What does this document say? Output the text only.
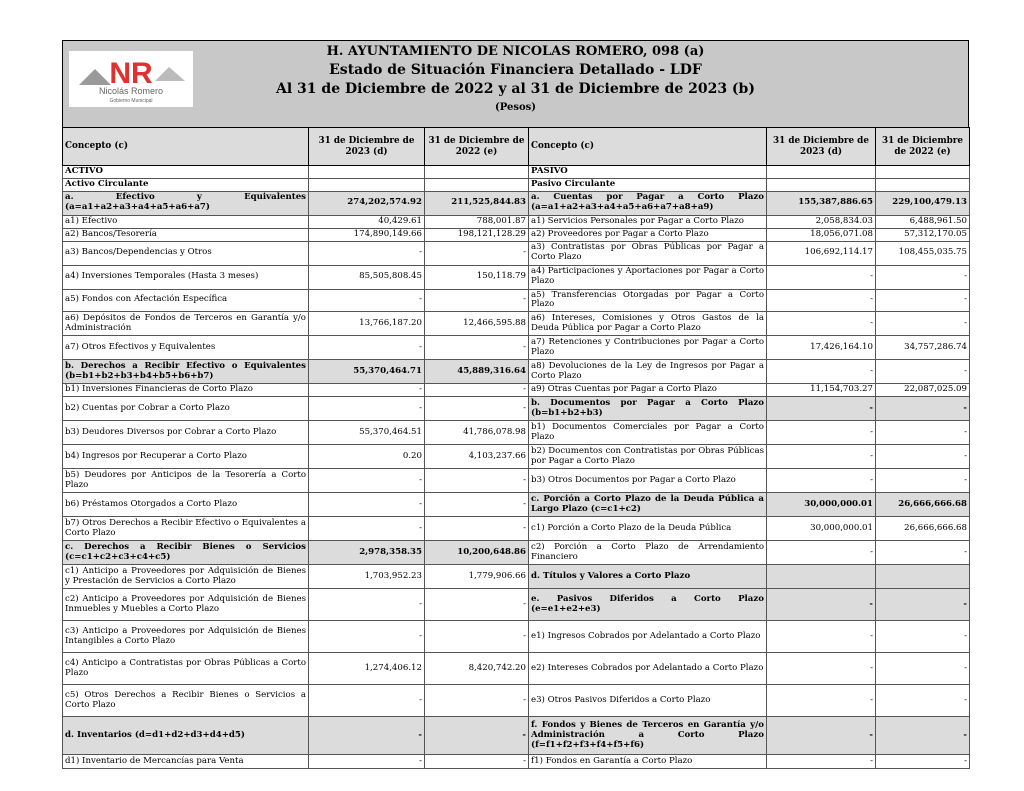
NR
Nicolás Romero
Gobierno Municipal
H. AYUNTAMIENTO DE NICOLAS ROMERO, 098 (a)
Estado de Situación Financiera Detallado - LDF
Al 31 de Diciembre de 2022 y al 31 de Diciembre de 2023 (b)
(Pesos)
Concepto (c)	31 de Diciembre de 2023 (d)	31 de Diciembre de 2022 (e)	Concepto (c)	31 de Diciembre de 2023 (d)	31 de Diciembre de 2022 (e)
ACTIVO			PASIVO		
Activo Circulante			Pasivo Circulante		
a. Efectivo y Equivalentes (a=a1+a2+a3+a4+a5+a6+a7)	274,202,574.92	211,525,844.83	a. Cuentas por Pagar a Corto Plazo (a=a1+a2+a3+a4+a5+a6+a7+a8+a9)	155,387,886.65	229,100,479.13
a1) Efectivo	40,429.61	788,001.87	a1) Servicios Personales por Pagar a Corto Plazo	2,058,834.03	6,488,961.50
a2) Bancos/Tesorería	174,890,149.66	198,121,128.29	a2) Proveedores por Pagar a Corto Plazo	18,056,071.08	57,312,170.05
a3) Bancos/Dependencias y Otros	-	-	a3) Contratistas por Obras Públicas por Pagar a Corto Plazo	106,692,114.17	108,455,035.75
a4) Inversiones Temporales (Hasta 3 meses)	85,505,808.45	150,118.79	a4) Participaciones y Aportaciones por Pagar a Corto Plazo	-	-
a5) Fondos con Afectación Específica	-	-	a5) Transferencias Otorgadas por Pagar a Corto Plazo	-	-
a6) Depósitos de Fondos de Terceros en Garantía y/o Administración	13,766,187.20	12,466,595.88	a6) Intereses, Comisiones y Otros Gastos de la Deuda Pública por Pagar a Corto Plazo	-	-
a7) Otros Efectivos y Equivalentes	-	-	a7) Retenciones y Contribuciones por Pagar a Corto Plazo	17,426,164.10	34,757,286.74
b. Derechos a Recibir Efectivo o Equivalentes (b=b1+b2+b3+b4+b5+b6+b7)	55,370,464.71	45,889,316.64	a8) Devoluciones de la Ley de Ingresos por Pagar a Corto Plazo	-	-
b1) Inversiones Financieras de Corto Plazo	-	-	a9) Otras Cuentas por Pagar a Corto Plazo	11,154,703.27	22,087,025.09
b2) Cuentas por Cobrar a Corto Plazo	-	-	b. Documentos por Pagar a Corto Plazo (b=b1+b2+b3)	-	-
b3) Deudores Diversos por Cobrar a Corto Plazo	55,370,464.51	41,786,078.98	b1) Documentos Comerciales por Pagar a Corto Plazo	-	-
b4) Ingresos por Recuperar a Corto Plazo	0.20	4,103,237.66	b2) Documentos con Contratistas por Obras Públicas por Pagar a Corto Plazo	-	-
b5) Deudores por Anticipos de la Tesorería a Corto Plazo	-	-	b3) Otros Documentos por Pagar a Corto Plazo	-	-
b6) Préstamos Otorgados a Corto Plazo	-	-	c. Porción a Corto Plazo de la Deuda Pública a Largo Plazo (c=c1+c2)	30,000,000.01	26,666,666.68
b7) Otros Derechos a Recibir Efectivo o Equivalentes a Corto Plazo	-	-	c1) Porción a Corto Plazo de la Deuda Pública	30,000,000.01	26,666,666.68
c. Derechos a Recibir Bienes o Servicios (c=c1+c2+c3+c4+c5)	2,978,358.35	10,200,648.86	c2) Porción a Corto Plazo de Arrendamiento Financiero	-	-
c1) Anticipo a Proveedores por Adquisición de Bienes y Prestación de Servicios a Corto Plazo	1,703,952.23	1,779,906.66	d. Títulos y Valores a Corto Plazo		
c2) Anticipo a Proveedores por Adquisición de Bienes Inmuebles y Muebles a Corto Plazo	-	-	e. Pasivos Diferidos a Corto Plazo (e=e1+e2+e3)	-	-
c3) Anticipo a Proveedores por Adquisición de Bienes Intangibles a Corto Plazo	-	-	e1) Ingresos Cobrados por Adelantado a Corto Plazo	-	-
c4) Anticipo a Contratistas por Obras Públicas a Corto Plazo	1,274,406.12	8,420,742.20	e2) Intereses Cobrados por Adelantado a Corto Plazo	-	-
c5) Otros Derechos a Recibir Bienes o Servicios a Corto Plazo	-	-	e3) Otros Pasivos Diferidos a Corto Plazo	-	-
d. Inventarios (d=d1+d2+d3+d4+d5)	-	-	f. Fondos y Bienes de Terceros en Garantía y/o Administración a Corto Plazo (f=f1+f2+f3+f4+f5+f6)	-	-
d1) Inventario de Mercancías para Venta	-	-	f1) Fondos en Garantía a Corto Plazo	-	-
